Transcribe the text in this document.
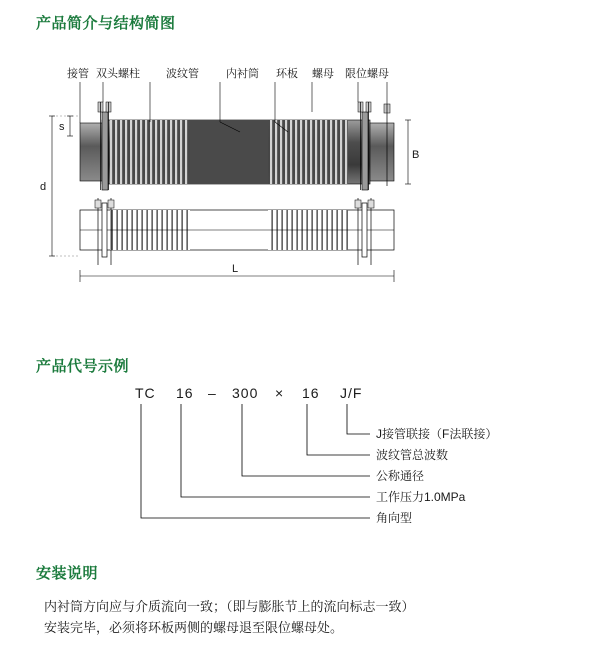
产品简介与结构简图
接管 双头螺柱 波纹管 内衬筒 环板 螺母 限位螺母
s
d
B
L
产品代号示例
TC 16 – 300 × 16 J/F
J接管联接（F法联接）
波纹管总波数
公称通径
工作压力1.0MPa
角向型
安装说明
内衬筒方向应与介质流向一致；（即与膨胀节上的流向标志一致）
安装完毕，必须将环板两侧的螺母退至限位螺母处。
